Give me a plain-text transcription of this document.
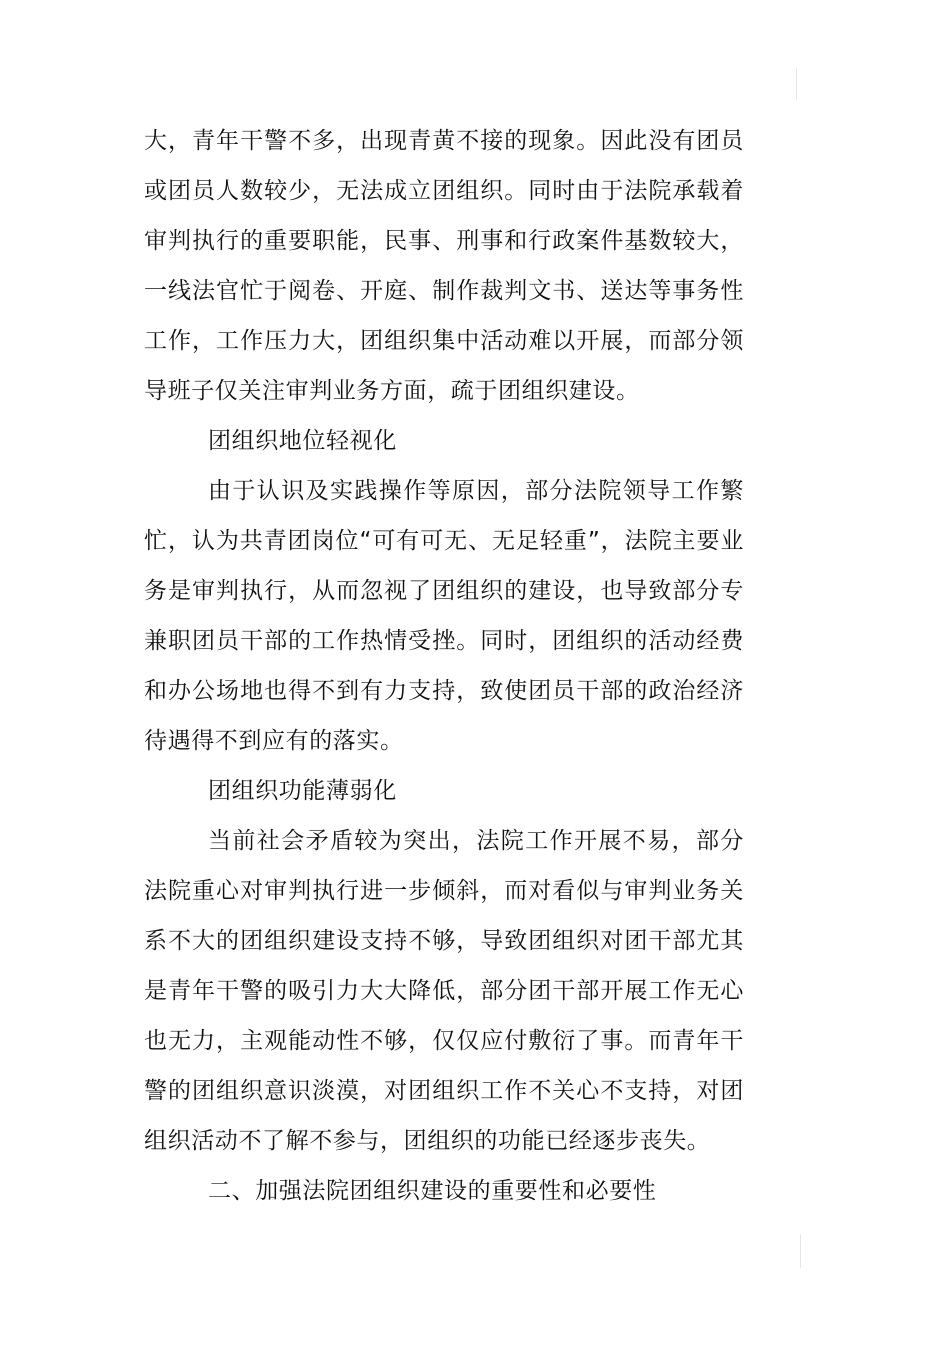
大，青年干警不多，出现青黄不接的现象。因此没有团员或团员人数较少，无法成立团组织。同时由于法院承载着审判执行的重要职能，民事、刑事和行政案件基数较大，一线法官忙于阅卷、开庭、制作裁判文书、送达等事务性工作，工作压力大，团组织集中活动难以开展，而部分领导班子仅关注审判业务方面，疏于团组织建设。

团组织地位轻视化

由于认识及实践操作等原因，部分法院领导工作繁忙，认为共青团岗位“可有可无、无足轻重”，法院主要业务是审判执行，从而忽视了团组织的建设，也导致部分专兼职团员干部的工作热情受挫。同时，团组织的活动经费和办公场地也得不到有力支持，致使团员干部的政治经济待遇得不到应有的落实。

团组织功能薄弱化

当前社会矛盾较为突出，法院工作开展不易，部分法院重心对审判执行进一步倾斜，而对看似与审判业务关系不大的团组织建设支持不够，导致团组织对团干部尤其是青年干警的吸引力大大降低，部分团干部开展工作无心也无力，主观能动性不够，仅仅应付敷衍了事。而青年干警的团组织意识淡漠，对团组织工作不关心不支持，对团组织活动不了解不参与，团组织的功能已经逐步丧失。

二、加强法院团组织建设的重要性和必要性
